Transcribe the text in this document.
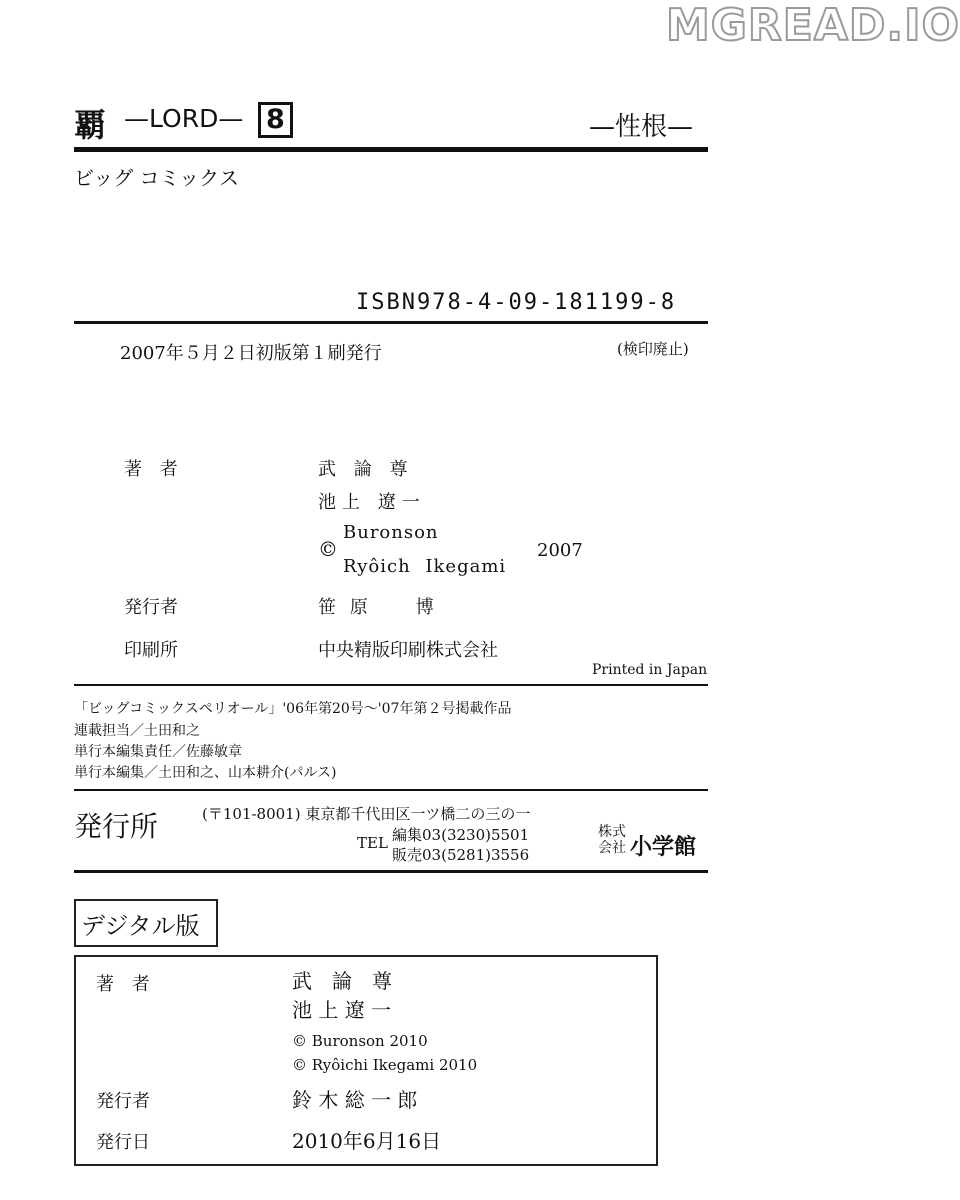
MGREAD.IO
覇 —LORD— 8	—性根—
ビッグ コミックス
ISBN978-4-09-181199-8
2007年５月２日初版第１刷発行	(検印廃止)
著 者	武 論 尊
池上 遼一
©
Buronson
Ryôich Ikegami
2007
発行者	笹 原　　博
印刷所	中央精版印刷株式会社
Printed in Japan
「ビッグコミックスペリオール」'06年第20号～'07年第２号掲載作品
連載担当／土田和之
単行本編集責任／佐藤敏章
単行本編集／土田和之、山本耕介(パルス)
発行所	(〒101-8001) 東京都千代田区一ツ橋二の三の一
TEL 編集03(3230)5501
販売03(5281)3556
株式
会社 小学館
デジタル版
著 者	武　論　尊
池 上 遼 一
© Buronson 2010
© Ryôichi Ikegami 2010
発行者	鈴 木 総 一 郎
発行日	2010年6月16日
